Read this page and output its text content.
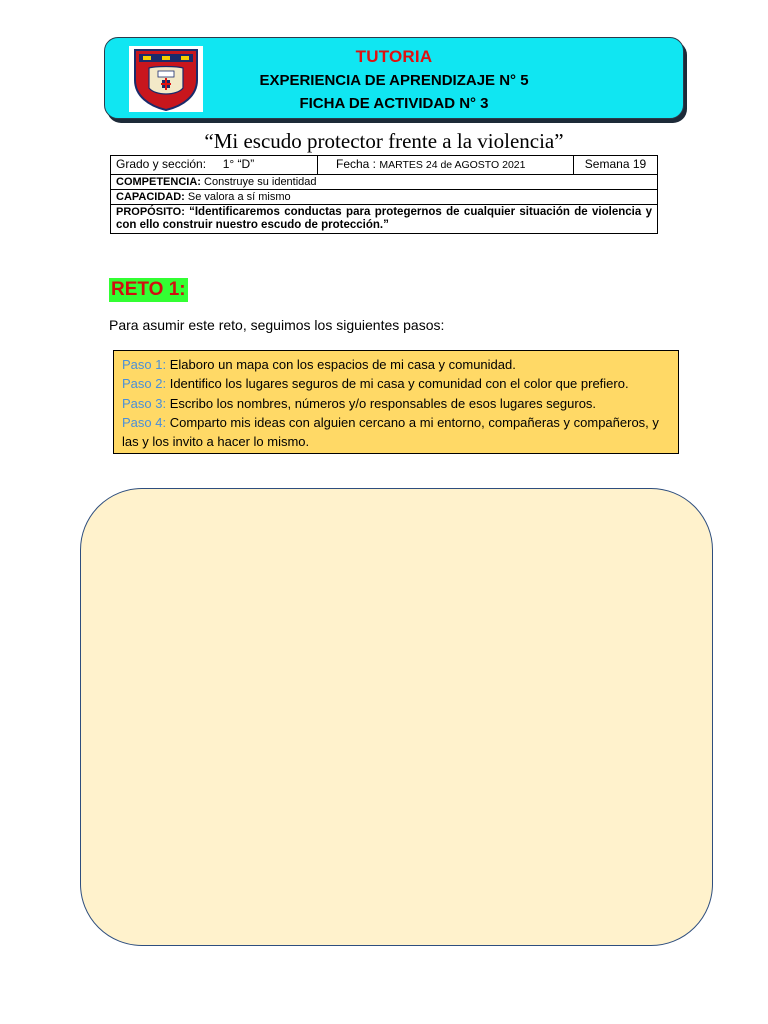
TUTORIA
EXPERIENCIA DE APRENDIZAJE N° 5
FICHA DE ACTIVIDAD N° 3
“Mi escudo protector frente a la violencia”
Grado y sección: 1° “D”	Fecha : MARTES 24 de AGOSTO 2021	Semana 19
COMPETENCIA: Construye su identidad
CAPACIDAD: Se valora a sí mismo
PROPÓSITO: “Identificaremos conductas para protegernos de cualquier situación de violencia y con ello construir nuestro escudo de protección.”
RETO 1:
Para asumir este reto, seguimos los siguientes pasos:
Paso 1: Elaboro un mapa con los espacios de mi casa y comunidad.
Paso 2: Identifico los lugares seguros de mi casa y comunidad con el color que prefiero.
Paso 3: Escribo los nombres, números y/o responsables de esos lugares seguros.
Paso 4: Comparto mis ideas con alguien cercano a mi entorno, compañeras y compañeros, y las y los invito a hacer lo mismo.
